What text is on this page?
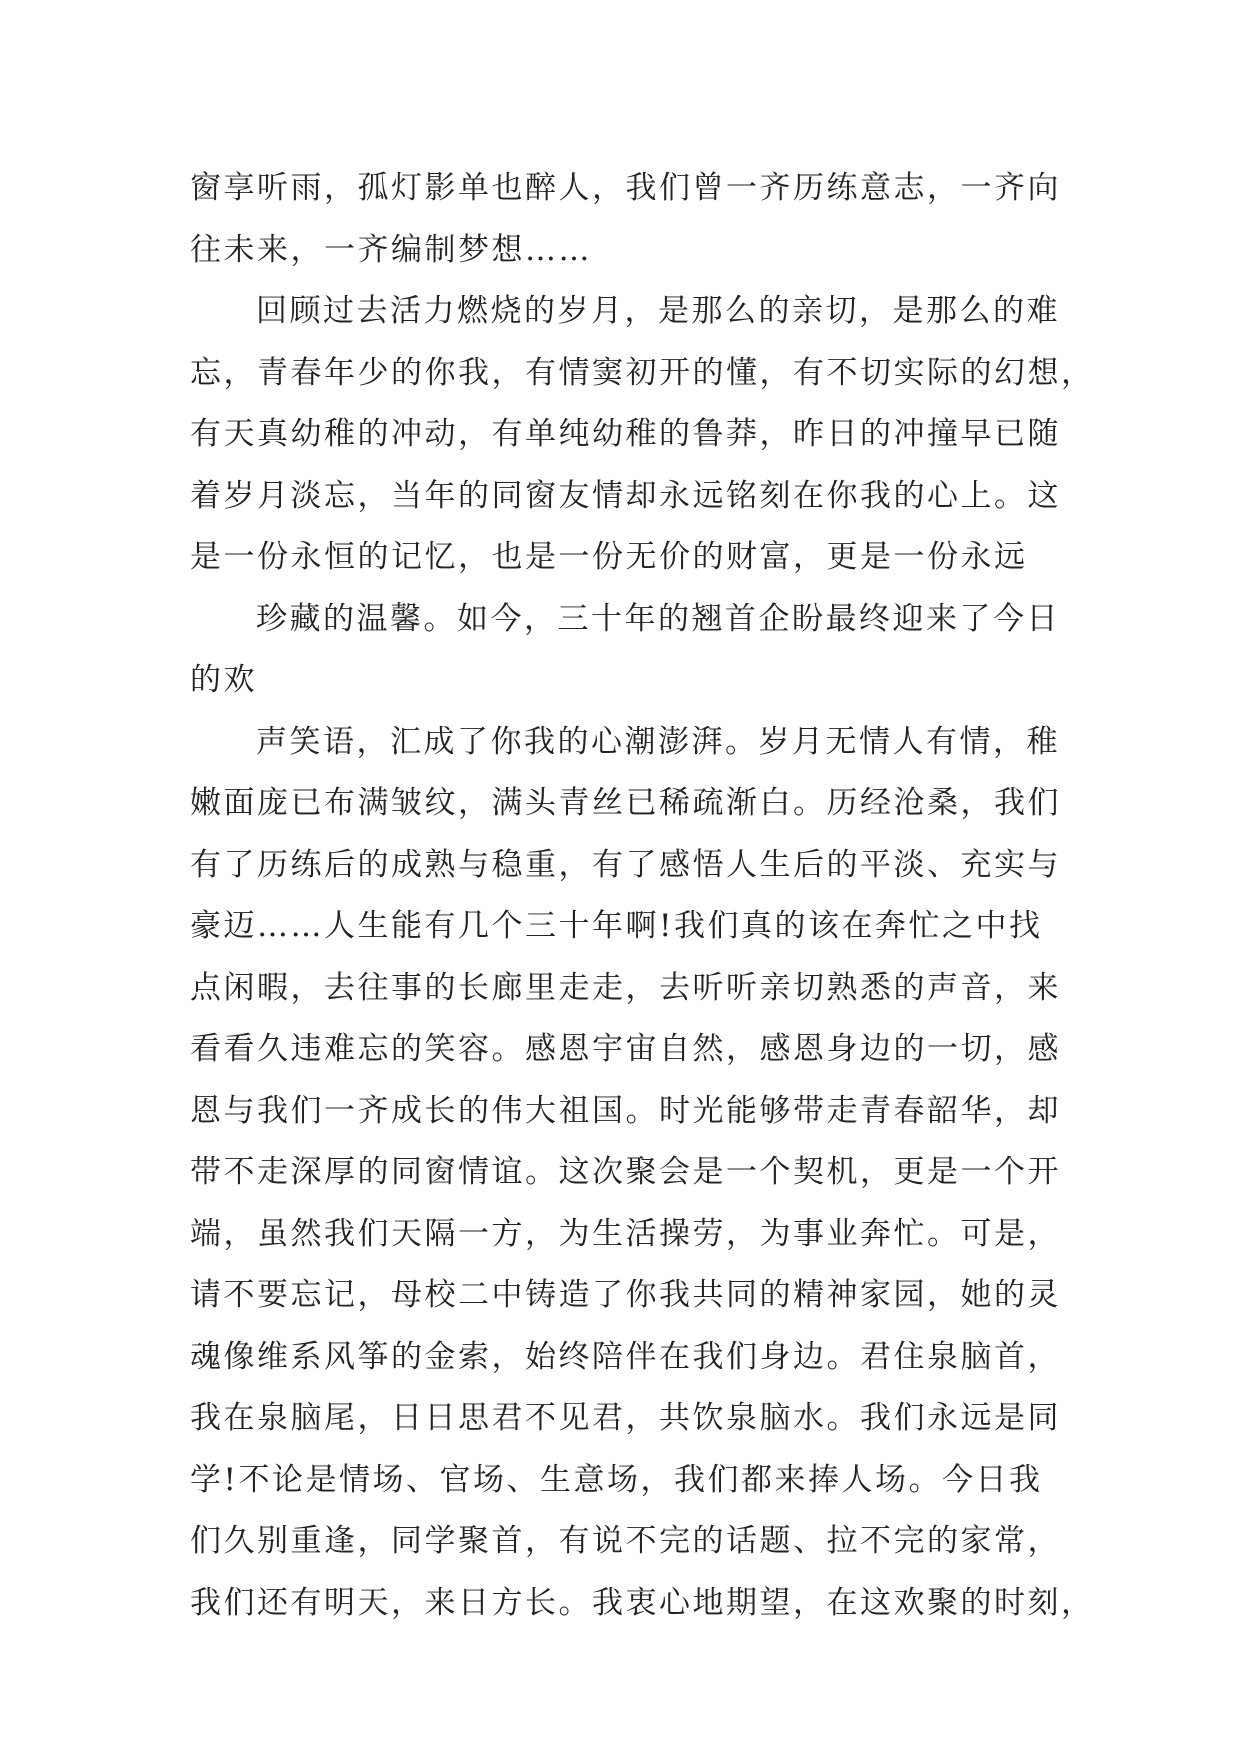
窗享听雨，孤灯影单也醉人，我们曾一齐历练意志，一齐向
往未来，一齐编制梦想……
回顾过去活力燃烧的岁月，是那么的亲切，是那么的难
忘，青春年少的你我，有情窦初开的懂，有不切实际的幻想，
有天真幼稚的冲动，有单纯幼稚的鲁莽，昨日的冲撞早已随
着岁月淡忘，当年的同窗友情却永远铭刻在你我的心上。这
是一份永恒的记忆，也是一份无价的财富，更是一份永远
珍藏的温馨。如今，三十年的翘首企盼最终迎来了今日
的欢
声笑语，汇成了你我的心潮澎湃。岁月无情人有情，稚
嫩面庞已布满皱纹，满头青丝已稀疏渐白。历经沧桑，我们
有了历练后的成熟与稳重，有了感悟人生后的平淡、充实与
豪迈……人生能有几个三十年啊!我们真的该在奔忙之中找
点闲暇，去往事的长廊里走走，去听听亲切熟悉的声音，来
看看久违难忘的笑容。感恩宇宙自然，感恩身边的一切，感
恩与我们一齐成长的伟大祖国。时光能够带走青春韶华，却
带不走深厚的同窗情谊。这次聚会是一个契机，更是一个开
端，虽然我们天隔一方，为生活操劳，为事业奔忙。可是，
请不要忘记，母校二中铸造了你我共同的精神家园，她的灵
魂像维系风筝的金索，始终陪伴在我们身边。君住泉脑首，
我在泉脑尾，日日思君不见君，共饮泉脑水。我们永远是同
学!不论是情场、官场、生意场，我们都来捧人场。今日我
们久别重逢，同学聚首，有说不完的话题、拉不完的家常，
我们还有明天，来日方长。我衷心地期望，在这欢聚的时刻，
